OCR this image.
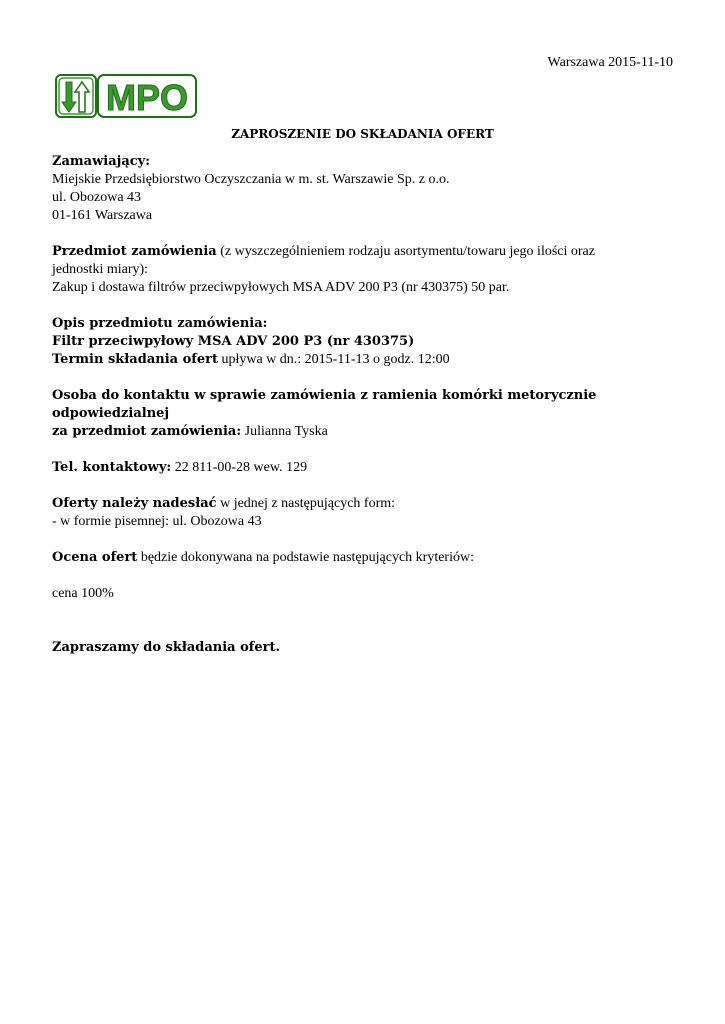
Warszawa 2015-11-10
MPO
ZAPROSZENIE DO SKŁADANIA OFERT
Zamawiający:
Miejskie Przedsiębiorstwo Oczyszczania w m. st. Warszawie Sp. z o.o.
ul. Obozowa 43
01-161 Warszawa
Przedmiot zamówienia (z wyszczególnieniem rodzaju asortymentu/towaru jego ilości oraz
jednostki miary):
Zakup i dostawa filtrów przeciwpyłowych MSA ADV 200 P3 (nr 430375) 50 par.
Opis przedmiotu zamówienia:
Filtr przeciwpyłowy MSA ADV 200 P3 (nr 430375)
Termin składania ofert upływa w dn.: 2015-11-13 o godz. 12:00
Osoba do kontaktu w sprawie zamówienia z ramienia komórki metorycznie odpowiedzialnej
za przedmiot zamówienia: Julianna Tyska
Tel. kontaktowy: 22 811-00-28 wew. 129
Oferty należy nadesłać w jednej z następujących form:
- w formie pisemnej: ul. Obozowa 43
Ocena ofert będzie dokonywana na podstawie następujących kryteriów:
cena 100%
Zapraszamy do składania ofert.
